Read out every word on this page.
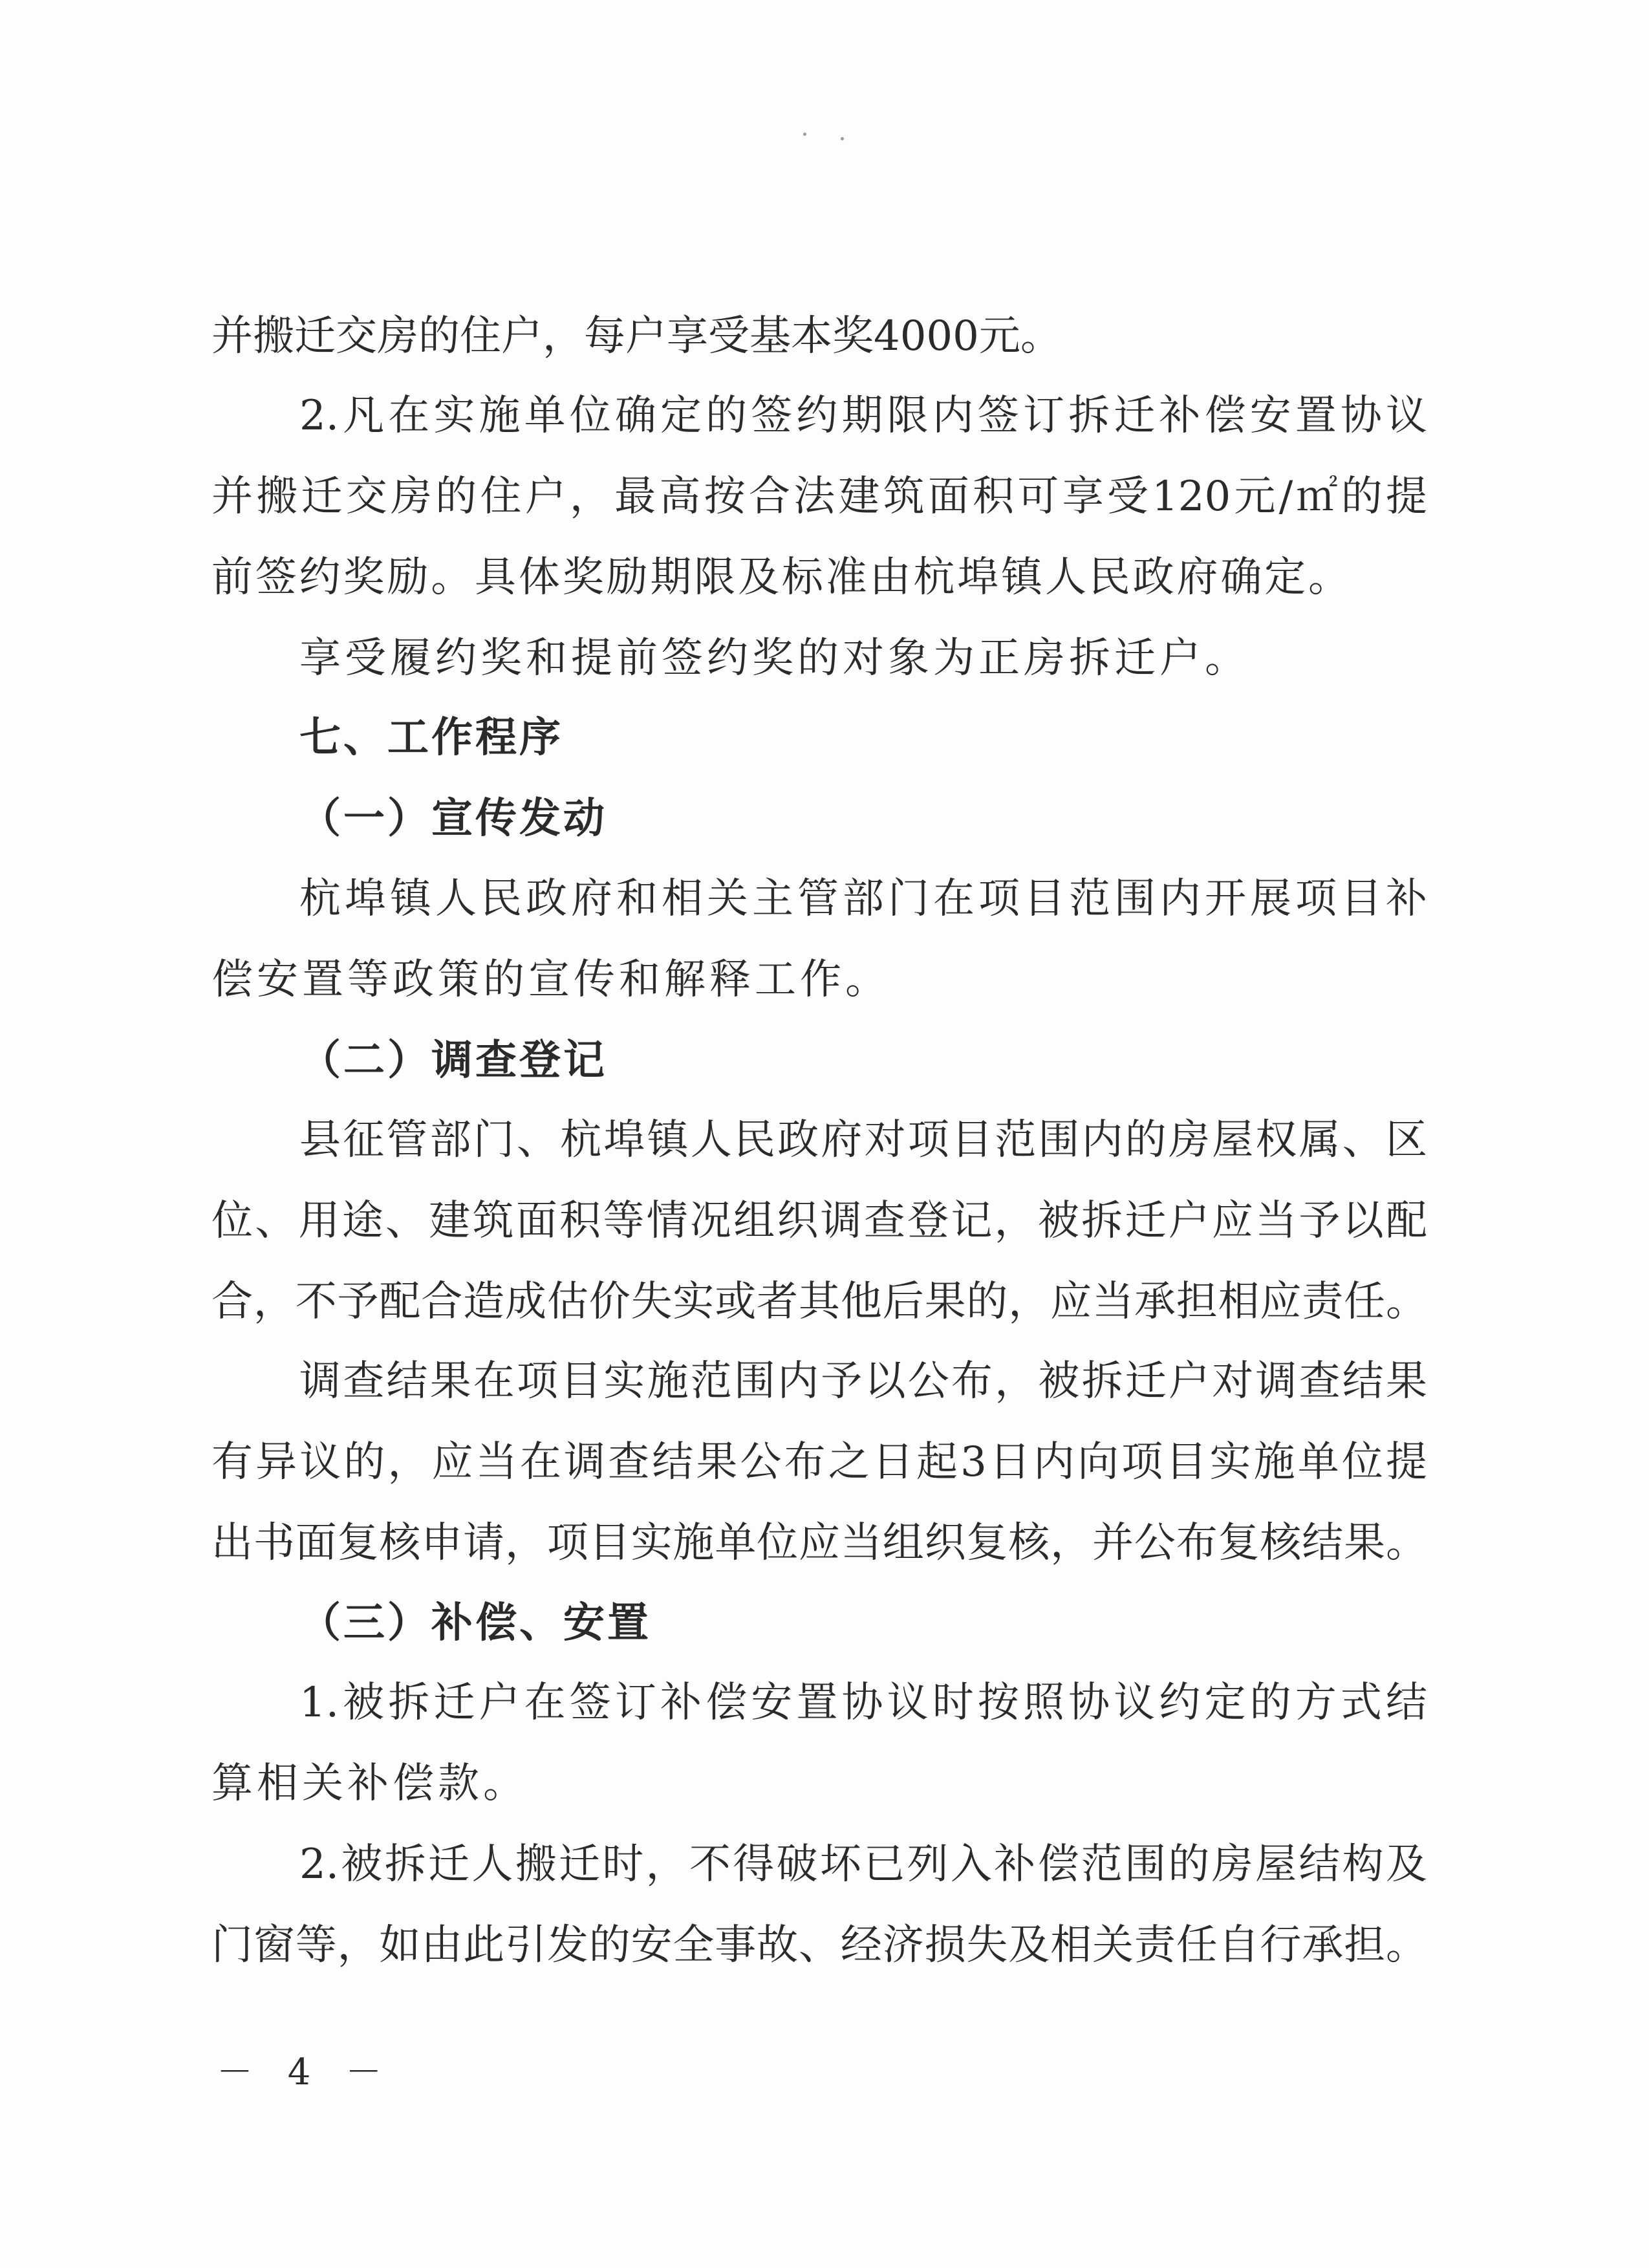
并搬迁交房的住户，每户享受基本奖4000元。
2.凡在实施单位确定的签约期限内签订拆迁补偿安置协议
并搬迁交房的住户，最高按合法建筑面积可享受120元/㎡的提
前签约奖励。具体奖励期限及标准由杭埠镇人民政府确定。
享受履约奖和提前签约奖的对象为正房拆迁户。
七、工作程序
（一）宣传发动
杭埠镇人民政府和相关主管部门在项目范围内开展项目补
偿安置等政策的宣传和解释工作。
（二）调查登记
县征管部门、杭埠镇人民政府对项目范围内的房屋权属、区
位、用途、建筑面积等情况组织调查登记，被拆迁户应当予以配
合，不予配合造成估价失实或者其他后果的，应当承担相应责任。
调查结果在项目实施范围内予以公布，被拆迁户对调查结果
有异议的，应当在调查结果公布之日起3日内向项目实施单位提
出书面复核申请，项目实施单位应当组织复核，并公布复核结果。
（三）补偿、安置
1.被拆迁户在签订补偿安置协议时按照协议约定的方式结
算相关补偿款。
2.被拆迁人搬迁时，不得破坏已列入补偿范围的房屋结构及
门窗等，如由此引发的安全事故、经济损失及相关责任自行承担。
－ 4 －
